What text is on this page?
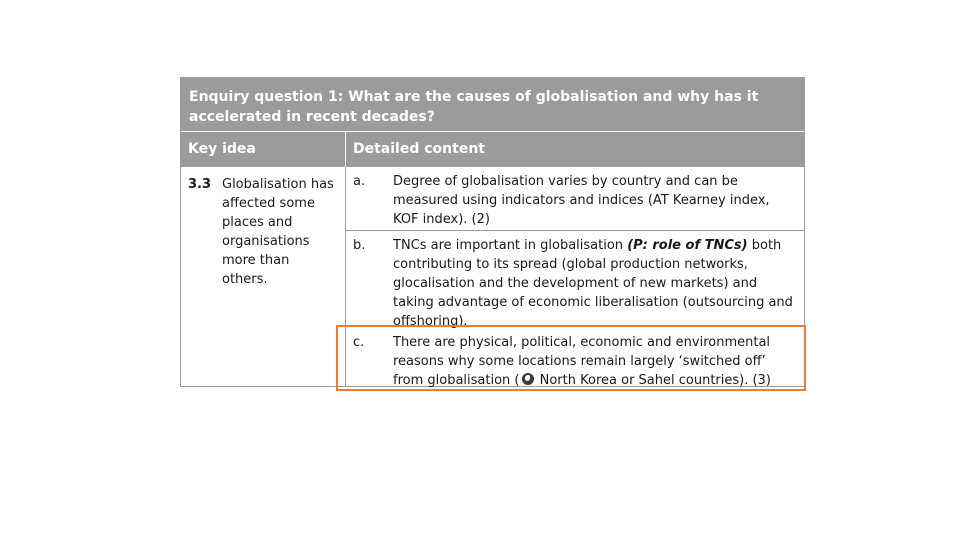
Enquiry question 1: What are the causes of globalisation and why has it accelerated in recent decades?
Key idea	Detailed content
3.3 Globalisation has affected some places and organisations more than others.
a.	Degree of globalisation varies by country and can be measured using indicators and indices (AT Kearney index, KOF index). (2)
b.	TNCs are important in globalisation (P: role of TNCs) both contributing to its spread (global production networks, glocalisation and the development of new markets) and taking advantage of economic liberalisation (outsourcing and offshoring).
c.	There are physical, political, economic and environmental reasons why some locations remain largely ‘switched off’ from globalisation ( North Korea or Sahel countries). (3)
